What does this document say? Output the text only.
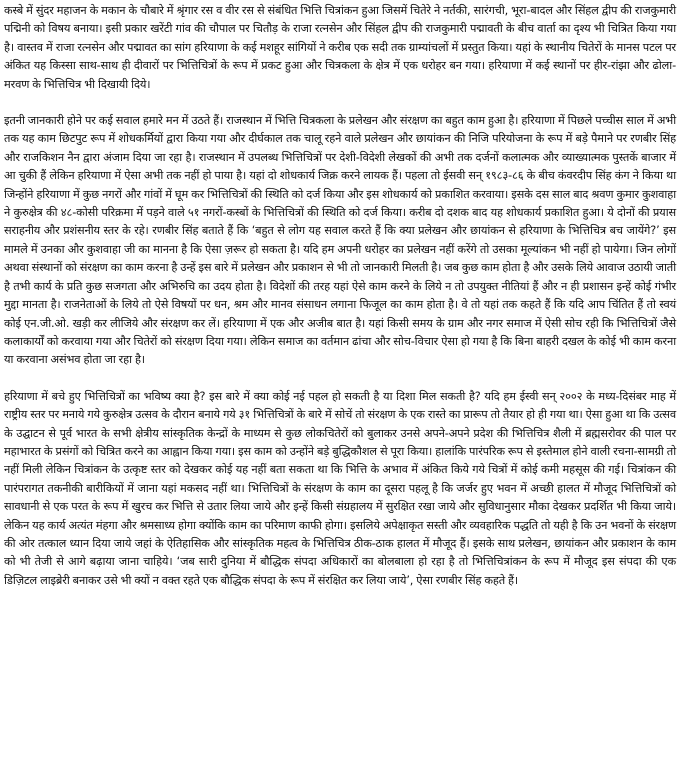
कस्बे में सुंदर महाजन के मकान के चौबारे में श्रृंगार रस व वीर रस से संबंधित भित्ति चित्रांकन हुआ जिसमें चितेरे ने नर्तकी, सारंगची, भूरा-बादल और सिंहल द्वीप की राजकुमारी पद्मिनी को विषय बनाया। इसी प्रकार खरेंटी गांव की चौपाल पर चितौड़ के राजा रत्नसेन और सिंहल द्वीप की राजकुमारी पद्मावती के बीच वार्ता का दृश्य भी चित्रित किया गया है। वास्तव में राजा रत्नसेन और पद्मावत का सांग हरियाणा के कई मशहूर सांगियों ने करीब एक सदी तक ग्राम्यांचलों में प्रस्तुत किया। यहां के स्थानीय चितेरों के मानस पटल पर अंकित यह किस्सा साथ-साथ ही दीवारों पर भित्तिचित्रों के रूप में प्रकट हुआ और चित्रकला के क्षेत्र में एक धरोहर बन गया। हरियाणा में कई स्थानों पर हीर-रांझा और ढोला-मरवण के भित्तिचित्र भी दिखायी दिये।

इतनी जानकारी होने पर कई सवाल हमारे मन में उठते हैं। राजस्थान में भित्ति चित्रकला के प्रलेखन और संरक्षण का बहुत काम हुआ है। हरियाणा में पिछले पच्चीस साल में अभी तक यह काम छिटपुट रूप में शोधकर्मियों द्वारा किया गया और दीर्घकाल तक चालू रहने वाले प्रलेखन और छायांकन की निजि परियोजना के रूप में बड़े पैमाने पर रणबीर सिंह और राजकिशन नैन द्वारा अंजाम दिया जा रहा है। राजस्थान में उपलब्ध भित्तिचित्रों पर देशी-विदेशी लेखकों की अभी तक दर्जनों कलात्मक और व्याख्यात्मक पुस्तकें बाजार में आ चुकी हैं लेकिन हरियाणा में ऐसा अभी तक नहीं हो पाया है। यहां दो शोधकार्य जिक्र करने लायक हैं। पहला तो ईसवी सन् १९८३-८६ के बीच कंवरदीप सिंह कंग ने किया था जिन्होंने हरियाणा में कुछ नगरों और गांवों में घूम कर भित्तिचित्रों की स्थिति को दर्ज किया और इस शोधकार्य को प्रकाशित करवाया। इसके दस साल बाद श्रवण कुमार कुशवाहा ने कुरुक्षेत्र की ४८-कोसी परिक्रमा में पड़ने वाले ५१ नगरों-कस्बों के भित्तिचित्रों की स्थिति को दर्ज किया। करीब दो दशक बाद यह शोधकार्य प्रकाशित हुआ। ये दोनों की प्रयास सराहनीय और प्रशंसनीय स्तर के रहे। रणबीर सिंह बताते हैं कि ‘बहुत से लोग यह सवाल करते हैं कि क्या प्रलेखन और छायांकन से हरियाणा के भित्तिचित्र बच जायेंगे?’ इस मामले में उनका और कुशवाहा जी का मानना है कि ऐसा ज़रूर हो सकता है। यदि हम अपनी धरोहर का प्रलेखन नहीं करेंगे तो उसका मूल्यांकन भी नहीं हो पायेगा। जिन लोगों अथवा संस्थानों को संरक्षण का काम करना है उन्हें इस बारे में प्रलेखन और प्रकाशन से भी तो जानकारी मिलती है। जब कुछ काम होता है और उसके लिये आवाज उठायी जाती है तभी कार्य के प्रति कुछ सजगता और अभिरुचि का उदय होता है। विदेशों की तरह यहां ऐसे काम करने के लिये न तो उपयुक्त नीतियां हैं और न ही प्रशासन इन्हें कोई गंभीर मुद्दा मानता है। राजनेताओं के लिये तो ऐसे विषयों पर धन, श्रम और मानव संसाधन लगाना फिजूल का काम होता है। वे तो यहां तक कहते हैं कि यदि आप चिंतित हैं तो स्वयं कोई एन.जी.ओ. खड़ी कर लीजिये और संरक्षण कर लें। हरियाणा में एक और अजीब बात है। यहां किसी समय के ग्राम और नगर समाज में ऐसी सोच रही कि भित्तिचित्रों जैसे कलाकार्यों को करवाया गया और चितेरों को संरक्षण दिया गया। लेकिन समाज का वर्तमान ढांचा और सोच-विचार ऐसा हो गया है कि बिना बाहरी दखल के कोई भी काम करना या करवाना असंभव होता जा रहा है।

हरियाणा में बचे हुए भित्तिचित्रों का भविष्य क्या है? इस बारे में क्या कोई नई पहल हो सकती है या दिशा मिल सकती है? यदि हम ईस्वी सन् २००२ के मध्य-दिसंबर माह में राष्ट्रीय स्तर पर मनाये गये कुरुक्षेत्र उत्सव के दौरान बनाये गये ३१ भित्तिचित्रों के बारे में सोचें तो संरक्षण के एक रास्ते का प्रारूप तो तैयार हो ही गया था। ऐसा हुआ था कि उत्सव के उद्घाटन से पूर्व भारत के सभी क्षेत्रीय सांस्कृतिक केन्द्रों के माध्यम से कुछ लोकचितेरों को बुलाकर उनसे अपने-अपने प्रदेश की भित्तिचित्र शैली में ब्रह्मसरोवर की पाल पर महाभारत के प्रसंगों को चित्रित करने का आह्वान किया गया। इस काम को उन्होंने बड़े बुद्धिकौशल से पूरा किया। हालांकि पारंपरिक रूप से इस्तेमाल होने वाली रचना-सामग्री तो नहीं मिली लेकिन चित्रांकन के उत्कृष्ट स्तर को देखकर कोई यह नहीं बता सकता था कि भित्ति के अभाव में अंकित किये गये चित्रों में कोई कमी महसूस की गई। चित्रांकन की पारंपरागत तकनीकी बारीकियों में जाना यहां मकसद नहीं था। भित्तिचित्रों के संरक्षण के काम का दूसरा पहलू है कि जर्जर हुए भवन में अच्छी हालत में मौजूद भित्तिचित्रों को सावधानी से एक परत के रूप में खुरच कर भित्ति से उतार लिया जाये और इन्हें किसी संग्रहालय में सुरक्षित रखा जाये और सुविधानुसार मौका देखकर प्रदर्शित भी किया जाये। लेकिन यह कार्य अत्यंत मंहगा और श्रमसाध्य होगा क्योंकि काम का परिमाण काफी होगा। इसलिये अपेक्षाकृत सस्ती और व्यवहारिक पद्धति तो यही है कि उन भवनों के संरक्षण की ओर तत्काल ध्यान दिया जाये जहां के ऐतिहासिक और सांस्कृतिक महत्व के भित्तिचित्र ठीक-ठाक हालत में मौजूद हैं। इसके साथ प्रलेखन, छायांकन और प्रकाशन के काम को भी तेजी से आगे बढ़ाया जाना चाहिये। ‘जब सारी दुनिया में बौद्धिक संपदा अधिकारों का बोलबाला हो रहा है तो भित्तिचित्रांकन के रूप में मौजूद इस संपदा की एक डिज़िटल लाइब्रेरी बनाकर उसे भी क्यों न वक्त रहते एक बौद्धिक संपदा के रूप में संरक्षित कर लिया जाये’, ऐसा रणबीर सिंह कहते हैं।
